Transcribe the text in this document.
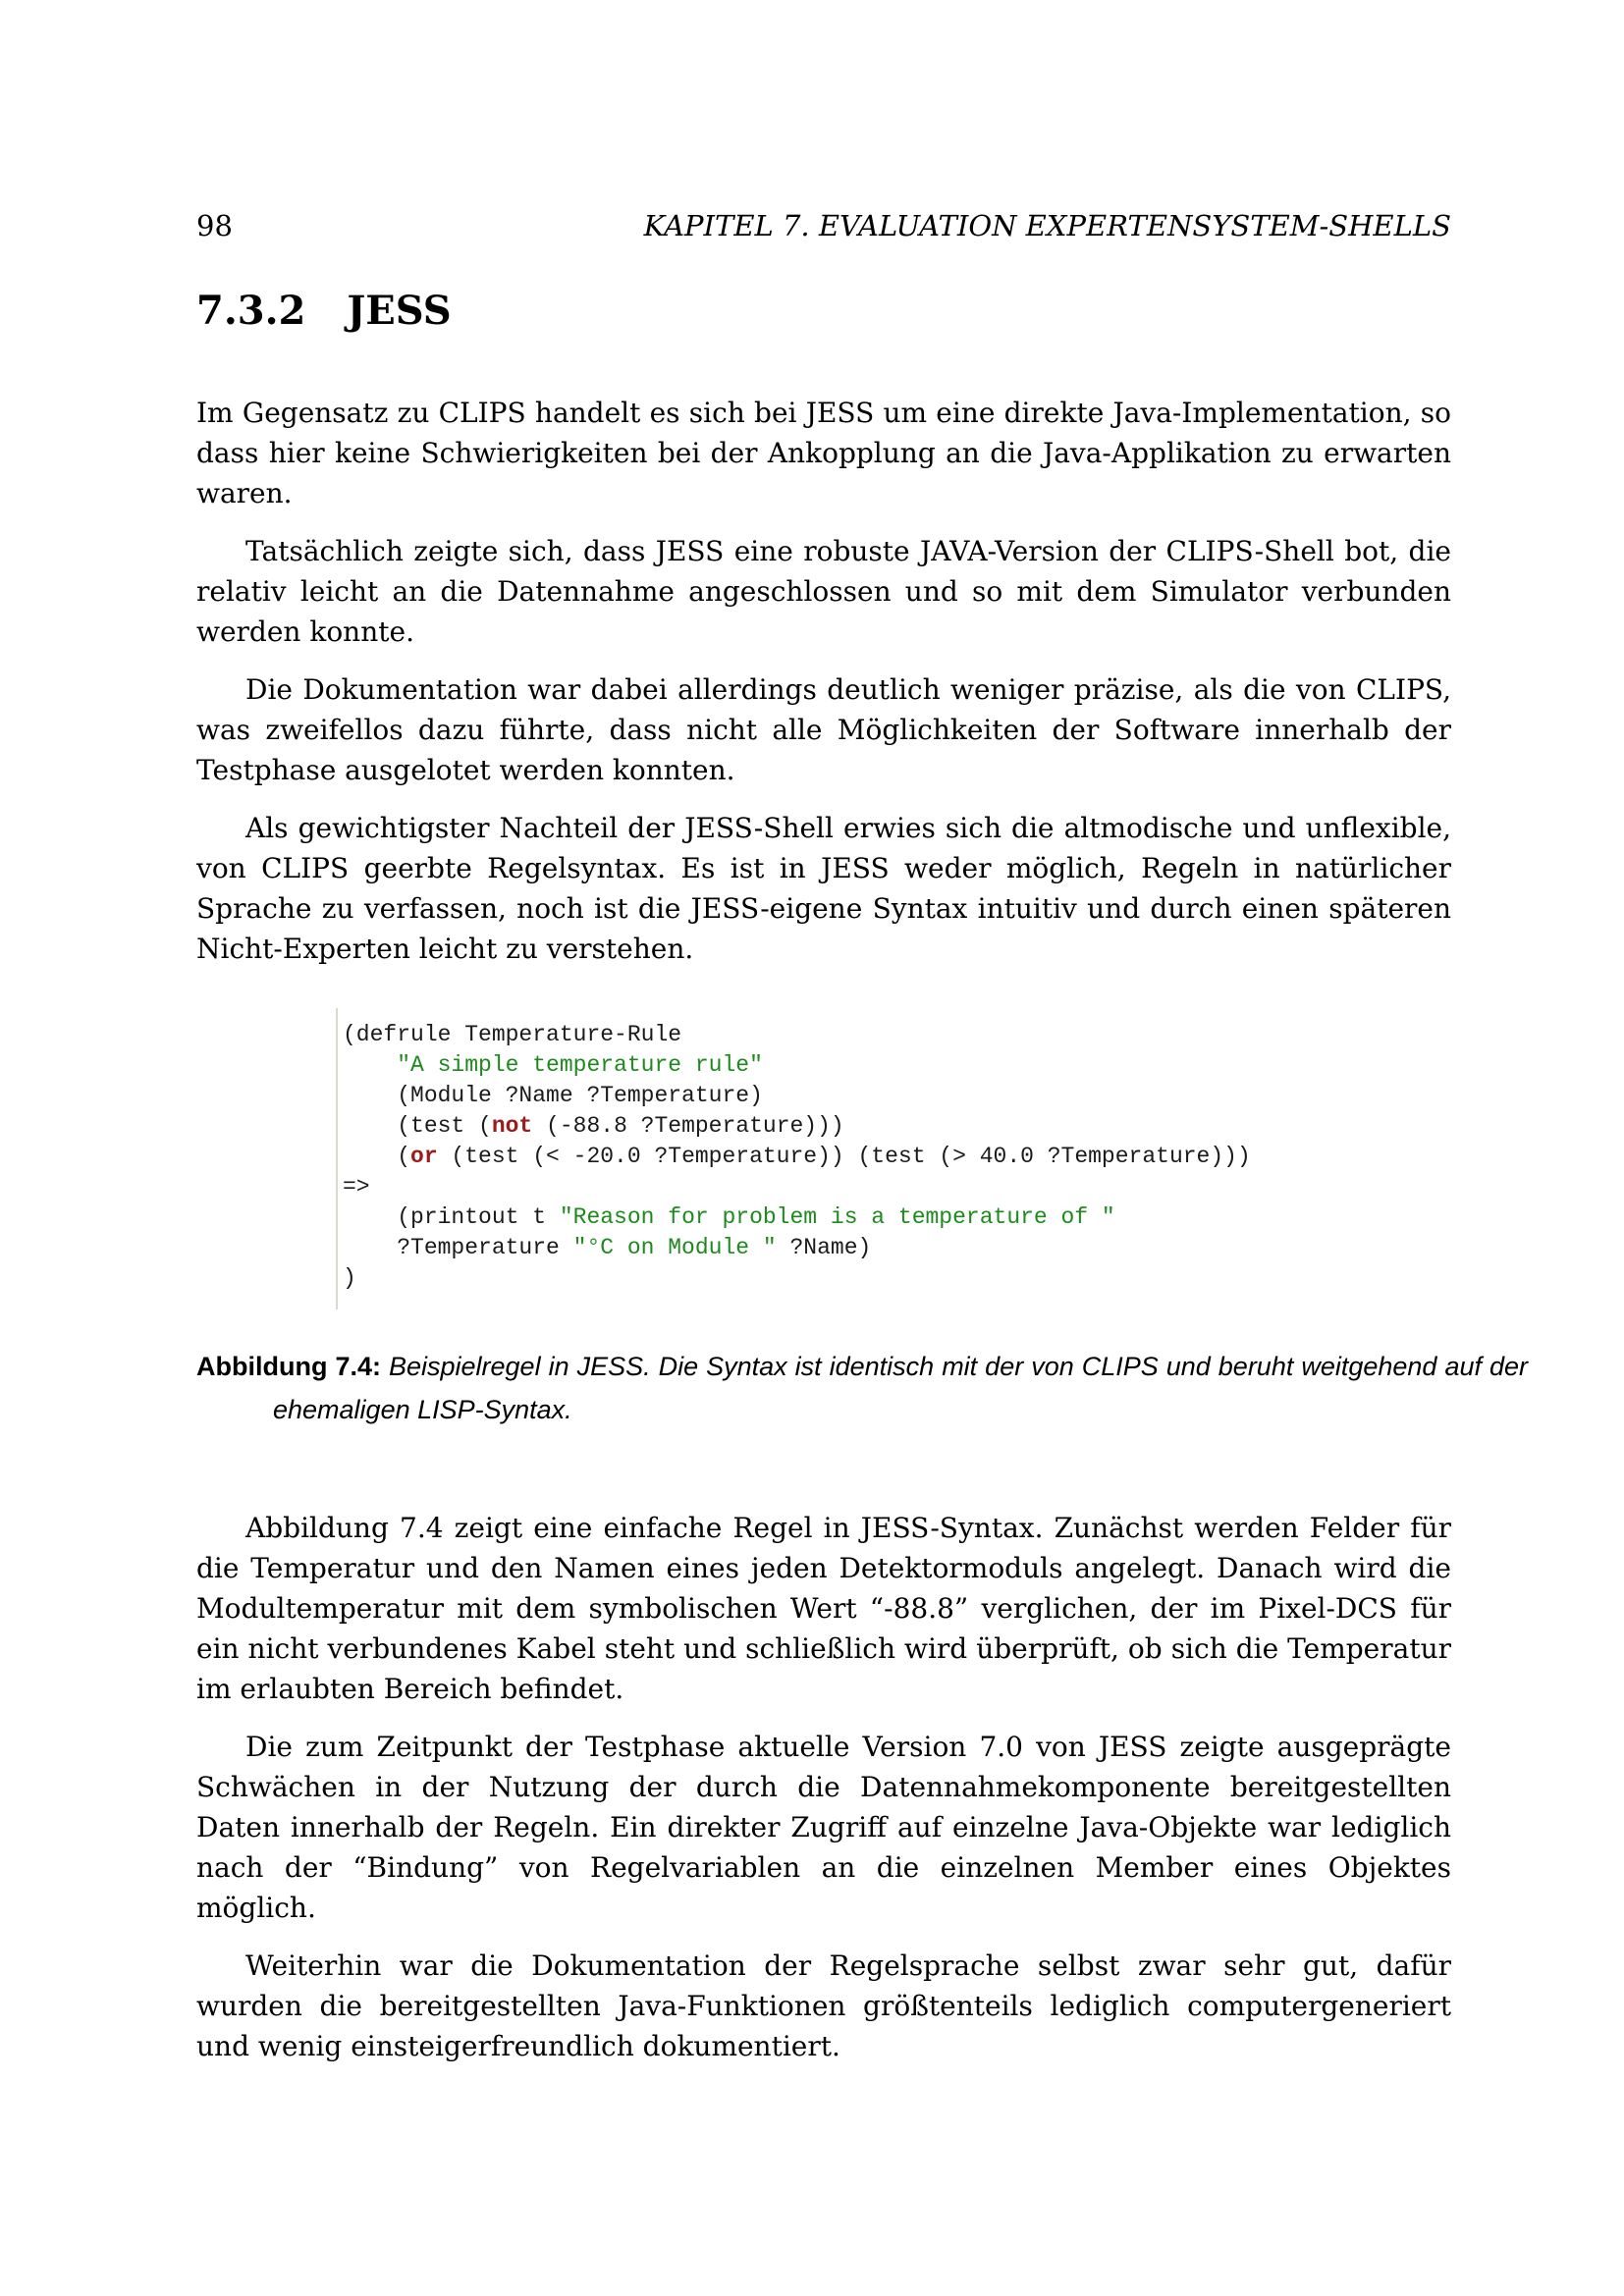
98	KAPITEL 7. EVALUATION EXPERTENSYSTEM-SHELLS
7.3.2 JESS

Im Gegensatz zu CLIPS handelt es sich bei JESS um eine direkte Java-Implementation, so dass hier keine Schwierigkeiten bei der Ankopplung an die Java-Applikation zu erwarten waren.

Tatsächlich zeigte sich, dass JESS eine robuste JAVA-Version der CLIPS-Shell bot, die relativ leicht an die Datennahme angeschlossen und so mit dem Simulator verbunden werden konnte.

Die Dokumentation war dabei allerdings deutlich weniger präzise, als die von CLIPS, was zweifellos dazu führte, dass nicht alle Möglichkeiten der Software innerhalb der Testphase ausgelotet werden konnten.

Als gewichtigster Nachteil der JESS-Shell erwies sich die altmodische und unflexible, von CLIPS geerbte Regelsyntax. Es ist in JESS weder möglich, Regeln in natürlicher Sprache zu verfassen, noch ist die JESS-eigene Syntax intuitiv und durch einen späteren Nicht-Experten leicht zu verstehen.

(defrule Temperature-Rule
"A simple temperature rule"
(Module ?Name ?Temperature)
(test (not (-88.8 ?Temperature)))
(or (test (< -20.0 ?Temperature)) (test (> 40.0 ?Temperature)))
=>
(printout t "Reason for problem is a temperature of "
?Temperature "°C on Module " ?Name)
)
Abbildung 7.4: Beispielregel in JESS. Die Syntax ist identisch mit der von CLIPS und beruht weitgehend auf der ehemaligen LISP-Syntax.

Abbildung 7.4 zeigt eine einfache Regel in JESS-Syntax. Zunächst werden Felder für die Temperatur und den Namen eines jeden Detektormoduls angelegt. Danach wird die Modultemperatur mit dem symbolischen Wert “-88.8” verglichen, der im Pixel-DCS für ein nicht verbundenes Kabel steht und schließlich wird überprüft, ob sich die Temperatur im erlaubten Bereich befindet.

Die zum Zeitpunkt der Testphase aktuelle Version 7.0 von JESS zeigte ausgeprägte Schwächen in der Nutzung der durch die Datennahmekomponente bereitgestellten Daten innerhalb der Regeln. Ein direkter Zugriff auf einzelne Java-Objekte war lediglich nach der “Bindung” von Regelvariablen an die einzelnen Member eines Objektes möglich.

Weiterhin war die Dokumentation der Regelsprache selbst zwar sehr gut, dafür wurden die bereitgestellten Java-Funktionen größtenteils lediglich computergeneriert und wenig einsteigerfreundlich dokumentiert.
